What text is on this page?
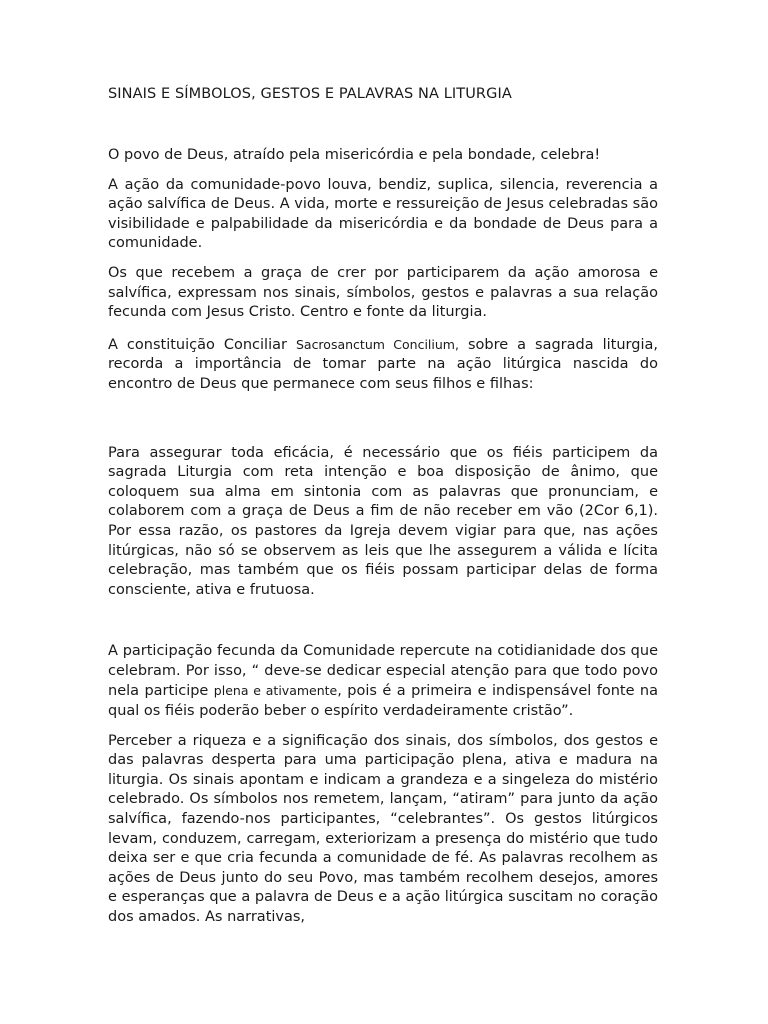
SINAIS E SÍMBOLOS, GESTOS E PALAVRAS NA LITURGIA

O povo de Deus, atraído pela misericórdia e pela bondade, celebra!

A ação da comunidade-povo louva, bendiz, suplica, silencia, reverencia a ação salvífica de Deus. A vida, morte e ressureição de Jesus celebradas são visibilidade e palpabilidade da misericórdia e da bondade de Deus para a comunidade.

Os que recebem a graça de crer por participarem da ação amorosa e salvífica, expressam nos sinais, símbolos, gestos e palavras a sua relação fecunda com Jesus Cristo. Centro e fonte da liturgia.

A constituição Conciliar Sacrosanctum Concilium, sobre a sagrada liturgia, recorda a importância de tomar parte na ação litúrgica nascida do encontro de Deus que permanece com seus filhos e filhas:

Para assegurar toda eficácia, é necessário que os fiéis participem da sagrada Liturgia com reta intenção e boa disposição de ânimo, que coloquem sua alma em sintonia com as palavras que pronunciam, e colaborem com a graça de Deus a fim de não receber em vão (2Cor 6,1). Por essa razão, os pastores da Igreja devem vigiar para que, nas ações litúrgicas, não só se observem as leis que lhe assegurem a válida e lícita celebração, mas também que os fiéis possam participar delas de forma consciente, ativa e frutuosa.

A participação fecunda da Comunidade repercute na cotidianidade dos que celebram. Por isso, “ deve-se dedicar especial atenção para que todo povo nela participe plena e ativamente, pois é a primeira e indispensável fonte na qual os fiéis poderão beber o espírito verdadeiramente cristão”.

Perceber a riqueza e a significação dos sinais, dos símbolos, dos gestos e das palavras desperta para uma participação plena, ativa e madura na liturgia. Os sinais apontam e indicam a grandeza e a singeleza do mistério celebrado. Os símbolos nos remetem, lançam, “atiram” para junto da ação salvífica, fazendo-nos participantes, “celebrantes”. Os gestos litúrgicos levam, conduzem, carregam, exteriorizam a presença do mistério que tudo deixa ser e que cria fecunda a comunidade de fé. As palavras recolhem as ações de Deus junto do seu Povo, mas também recolhem desejos, amores e esperanças que a palavra de Deus e a ação litúrgica suscitam no coração dos amados. As narrativas,
